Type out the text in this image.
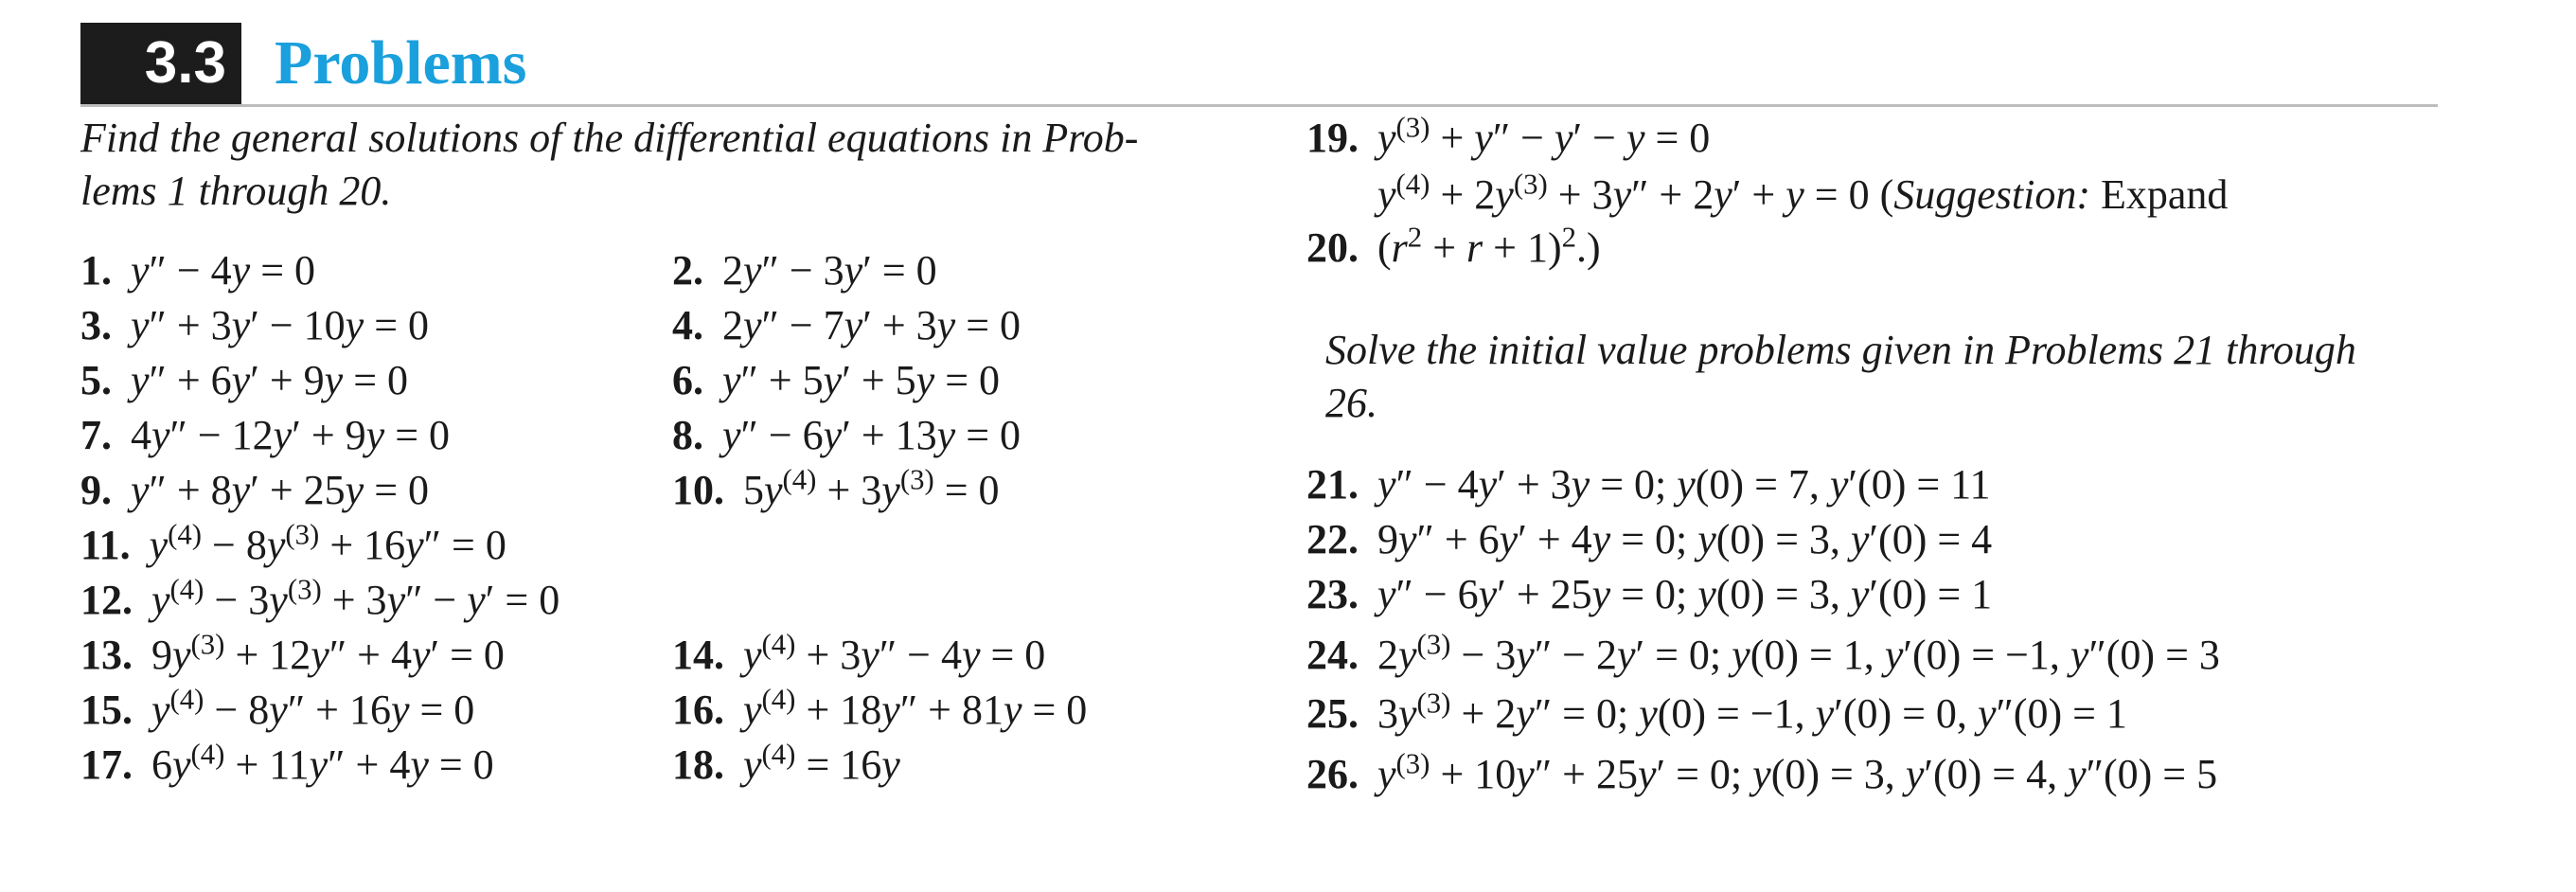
3.3 Problems

Find the general solutions of the differential equations in Prob-
lems 1 through 20.

Solve the initial value problems given in Problems 21 through
26.

1. y″ − 4y = 0	2. 2y″ − 3y′ = 0
3. y″ + 3y′ − 10y = 0	4. 2y″ − 7y′ + 3y = 0
5. y″ + 6y′ + 9y = 0	6. y″ + 5y′ + 5y = 0
7. 4y″ − 12y′ + 9y = 0	8. y″ − 6y′ + 13y = 0
9. y″ + 8y′ + 25y = 0	10. $5y^{(4)} + 3y^{(3)} = 0$
11. $y^{(4)} - 8y^{(3)} + 16y'' = 0$
12. $y^{(4)} - 3y^{(3)} + 3y'' - y' = 0$
13. $9y^{(3)} + 12y'' + 4y' = 0$	14. $y^{(4)} + 3y'' - 4y = 0$
15. $y^{(4)} - 8y'' + 16y = 0$	16. $y^{(4)} + 18y'' + 81y = 0$
17. $6y^{(4)} + 11y'' + 4y = 0$	18. $y^{(4)} = 16y$
19. $y^{(3)} + y'' - y' - y = 0$
$20.y^{(4)} + 2y^{(3)} + 3y'' + 2y' + y = 0$ (Suggestion: Expand
$(r^2 + r + 1)^2$.)
21. y″ − 4y′ + 3y = 0; y(0) = 7, y′(0) = 11
22. 9y″ + 6y′ + 4y = 0; y(0) = 3, y′(0) = 4
23. y″ − 6y′ + 25y = 0; y(0) = 3, y′(0) = 1
24. $2y^{(3)} - 3y'' - 2y' = 0$; y(0) = 1, y′(0) = −1, y″(0) = 3
25. $3y^{(3)} + 2y'' = 0$; y(0) = −1, y′(0) = 0, y″(0) = 1
26. $y^{(3)} + 10y'' + 25y' = 0$; y(0) = 3, y′(0) = 4, y″(0) = 5
